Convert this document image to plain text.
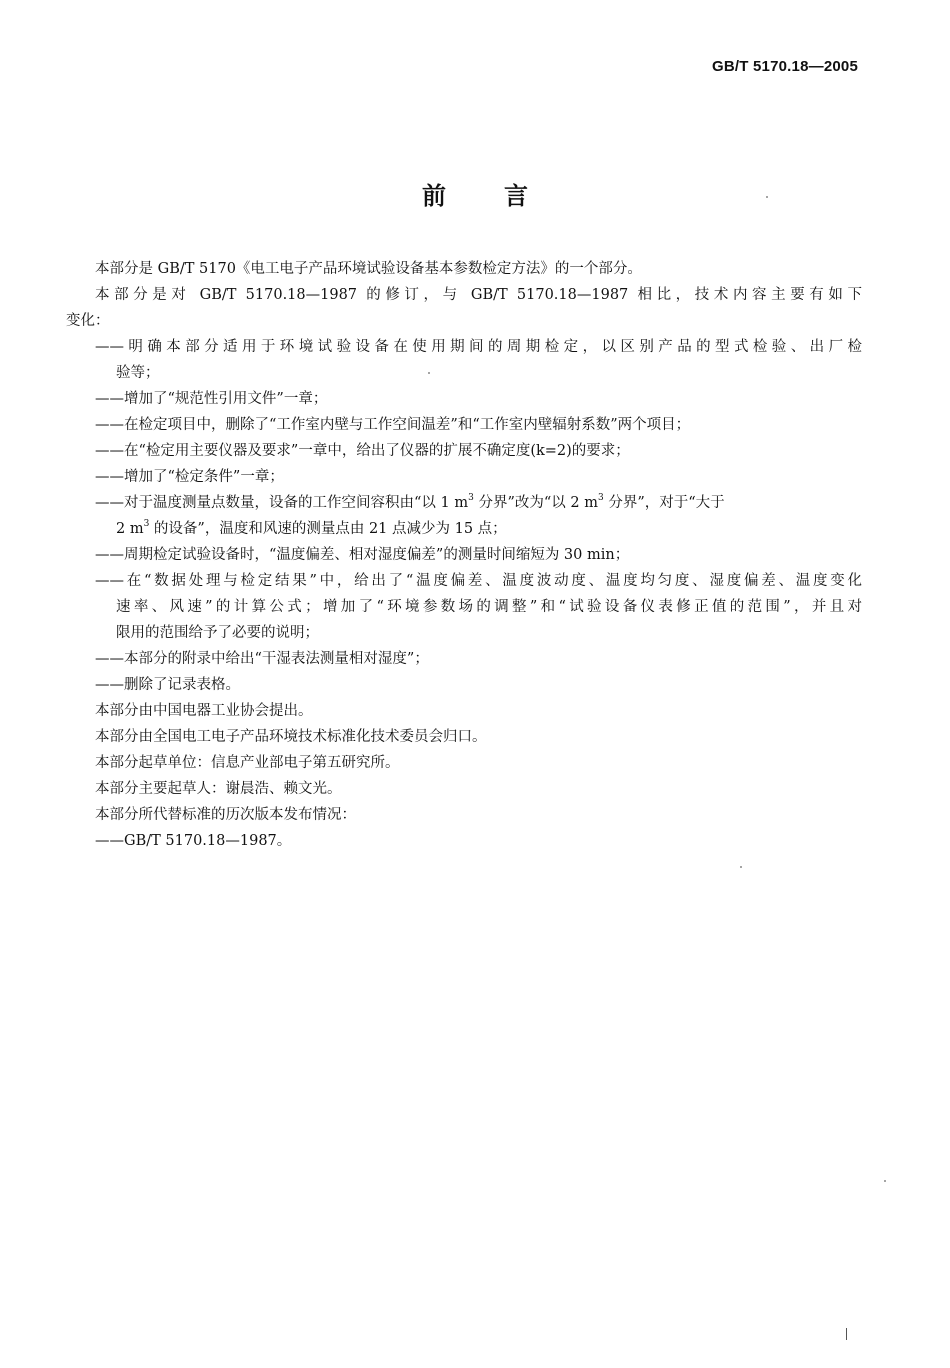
GB/T 5170.18—2005
前言
本部分是 GB/T 5170《电工电子产品环境试验设备基本参数检定方法》的一个部分。
本部分是对 GB/T 5170.18—1987 的修订，与 GB/T 5170.18—1987 相比，技术内容主要有如下
变化：
——明确本部分适用于环境试验设备在使用期间的周期检定，以区别产品的型式检验、出厂检
验等；
——增加了“规范性引用文件”一章；
——在检定项目中，删除了“工作室内壁与工作空间温差”和“工作室内壁辐射系数”两个项目；
——在“检定用主要仪器及要求”一章中，给出了仪器的扩展不确定度(k=2)的要求；
——增加了“检定条件”一章；
——对于温度测量点数量，设备的工作空间容积由“以 1 $m^3$ 分界”改为“以 2 $m^3$ 分界”，对于“大于
2 $m^3$ 的设备”，温度和风速的测量点由 21 点减少为 15 点；
——周期检定试验设备时，“温度偏差、相对湿度偏差”的测量时间缩短为 30 min；
——在“数据处理与检定结果”中，给出了“温度偏差、温度波动度、温度均匀度、湿度偏差、温度变化
速率、风速”的计算公式；增加了“环境参数场的调整”和“试验设备仪表修正值的范围”，并且对
限用的范围给予了必要的说明；
——本部分的附录中给出“干湿表法测量相对湿度”；
——删除了记录表格。
本部分由中国电器工业协会提出。
本部分由全国电工电子产品环境技术标准化技术委员会归口。
本部分起草单位：信息产业部电子第五研究所。
本部分主要起草人：谢晨浩、赖文光。
本部分所代替标准的历次版本发布情况：
——GB/T 5170.18—1987。
